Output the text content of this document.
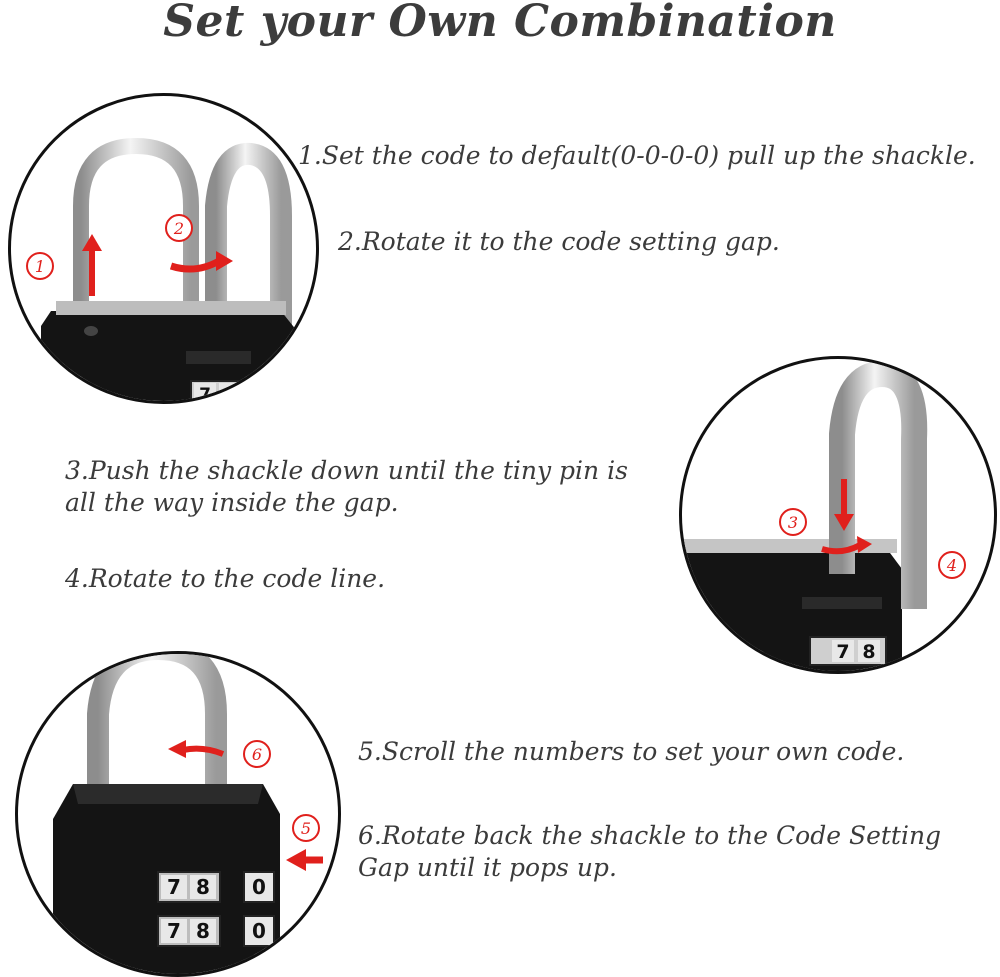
Set your Own Combination
7 8
1
2
7 8
3
4
7 8 0
7 8 0
6
5
1.Set the code to default(0-0-0-0) pull up the shackle.
2.Rotate it to the code setting gap.
3.Push the shackle down until the tiny pin is
all the way inside the gap.
4.Rotate to the code line.
5.Scroll the numbers to set your own code.
6.Rotate back the shackle to the Code Setting
Gap until it pops up.
